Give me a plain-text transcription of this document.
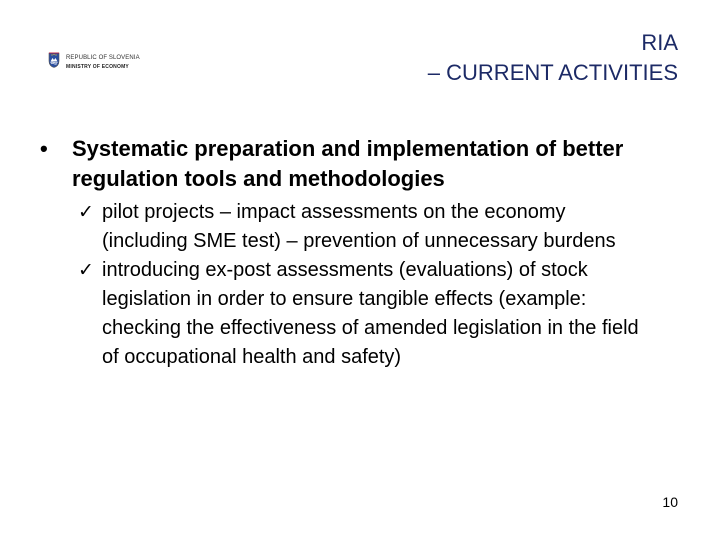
REPUBLIC OF SLOVENIA
MINISTRY OF ECONOMY
RIA
– CURRENT ACTIVITIES
•	Systematic preparation and implementation of better regulation tools and methodologies
✓ pilot projects – impact assessments on the economy (including SME test) – prevention of unnecessary burdens
✓ introducing ex-post assessments (evaluations) of stock legislation in order to ensure tangible effects (example: checking the effectiveness of amended legislation in the field of occupational health and safety)
10
